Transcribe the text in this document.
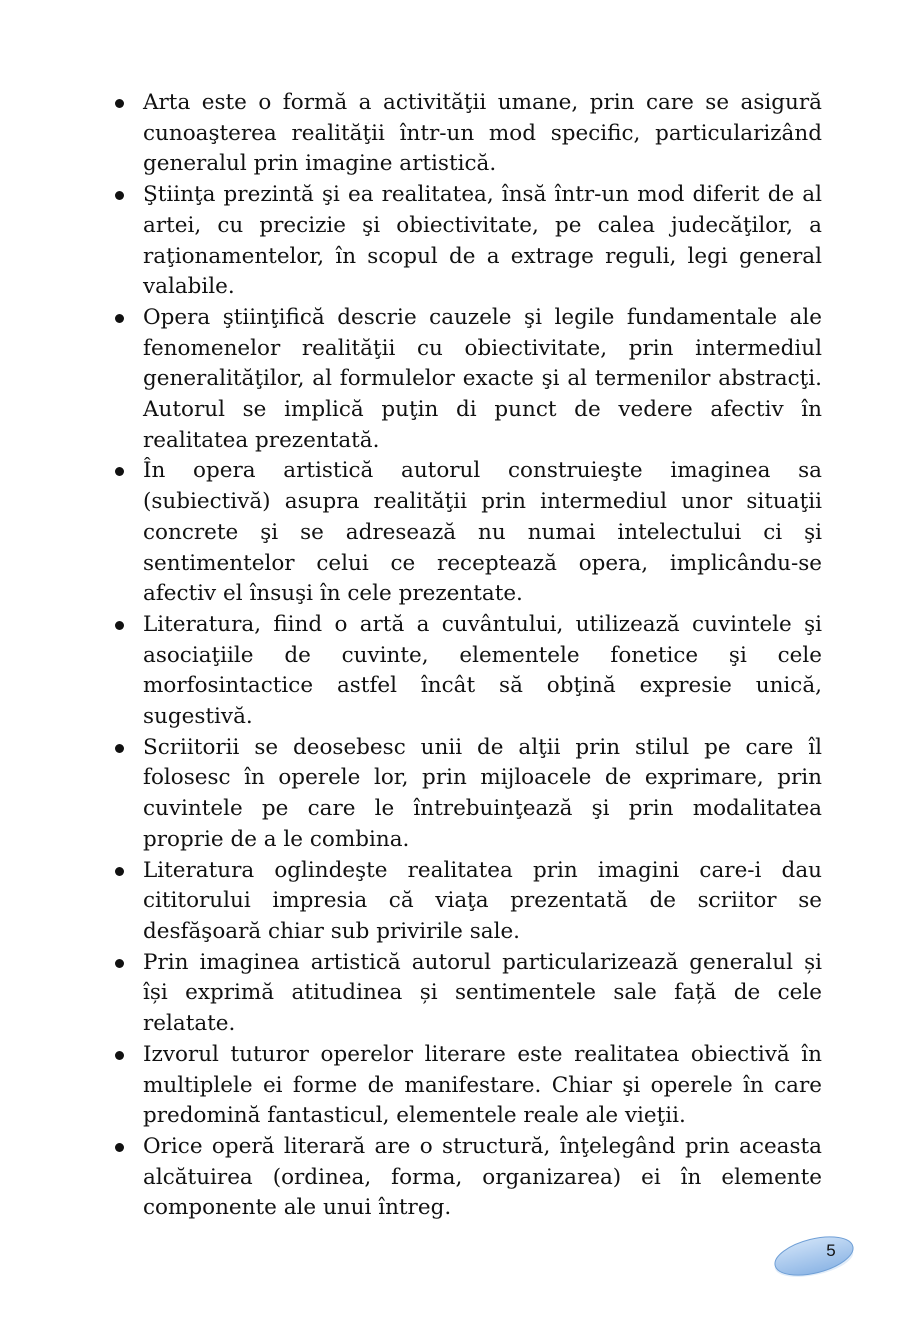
Arta este o formă a activităţii umane, prin care se asigură cunoaşterea realităţii într-un mod specific, particularizând generalul prin imagine artistică.
Ştiinţa prezintă şi ea realitatea, însă într-un mod diferit de al artei, cu precizie şi obiectivitate, pe calea judecăţilor, a raţionamentelor, în scopul de a extrage reguli, legi general valabile.
Opera ştiinţifică descrie cauzele şi legile fundamentale ale fenomenelor realităţii cu obiectivitate, prin intermediul generalităţilor, al formulelor exacte şi al termenilor abstracţi. Autorul se implică puţin di punct de vedere afectiv în realitatea prezentată.
În opera artistică autorul construieşte imaginea sa (subiectivă) asupra realităţii prin intermediul unor situaţii concrete şi se adresează nu numai intelectului ci şi sentimentelor celui ce receptează opera, implicându-se afectiv el însuşi în cele prezentate.
Literatura, fiind o artă a cuvântului, utilizează cuvintele şi asociaţiile de cuvinte, elementele fonetice şi cele morfosintactice astfel încât să obţină expresie unică, sugestivă.
Scriitorii se deosebesc unii de alţii prin stilul pe care îl folosesc în operele lor, prin mijloacele de exprimare, prin cuvintele pe care le întrebuinţează şi prin modalitatea proprie de a le combina.
Literatura oglindeşte realitatea prin imagini care-i dau cititorului impresia că viaţa prezentată de scriitor se desfăşoară chiar sub privirile sale.
Prin imaginea artistică autorul particularizează generalul și își exprimă atitudinea și sentimentele sale față de cele relatate.
Izvorul tuturor operelor literare este realitatea obiectivă în multiplele ei forme de manifestare. Chiar şi operele în care predomină fantasticul, elementele reale ale vieţii.
Orice operă literară are o structură, înţelegând prin aceasta alcătuirea (ordinea, forma, organizarea) ei în elemente componente ale unui întreg.
5
